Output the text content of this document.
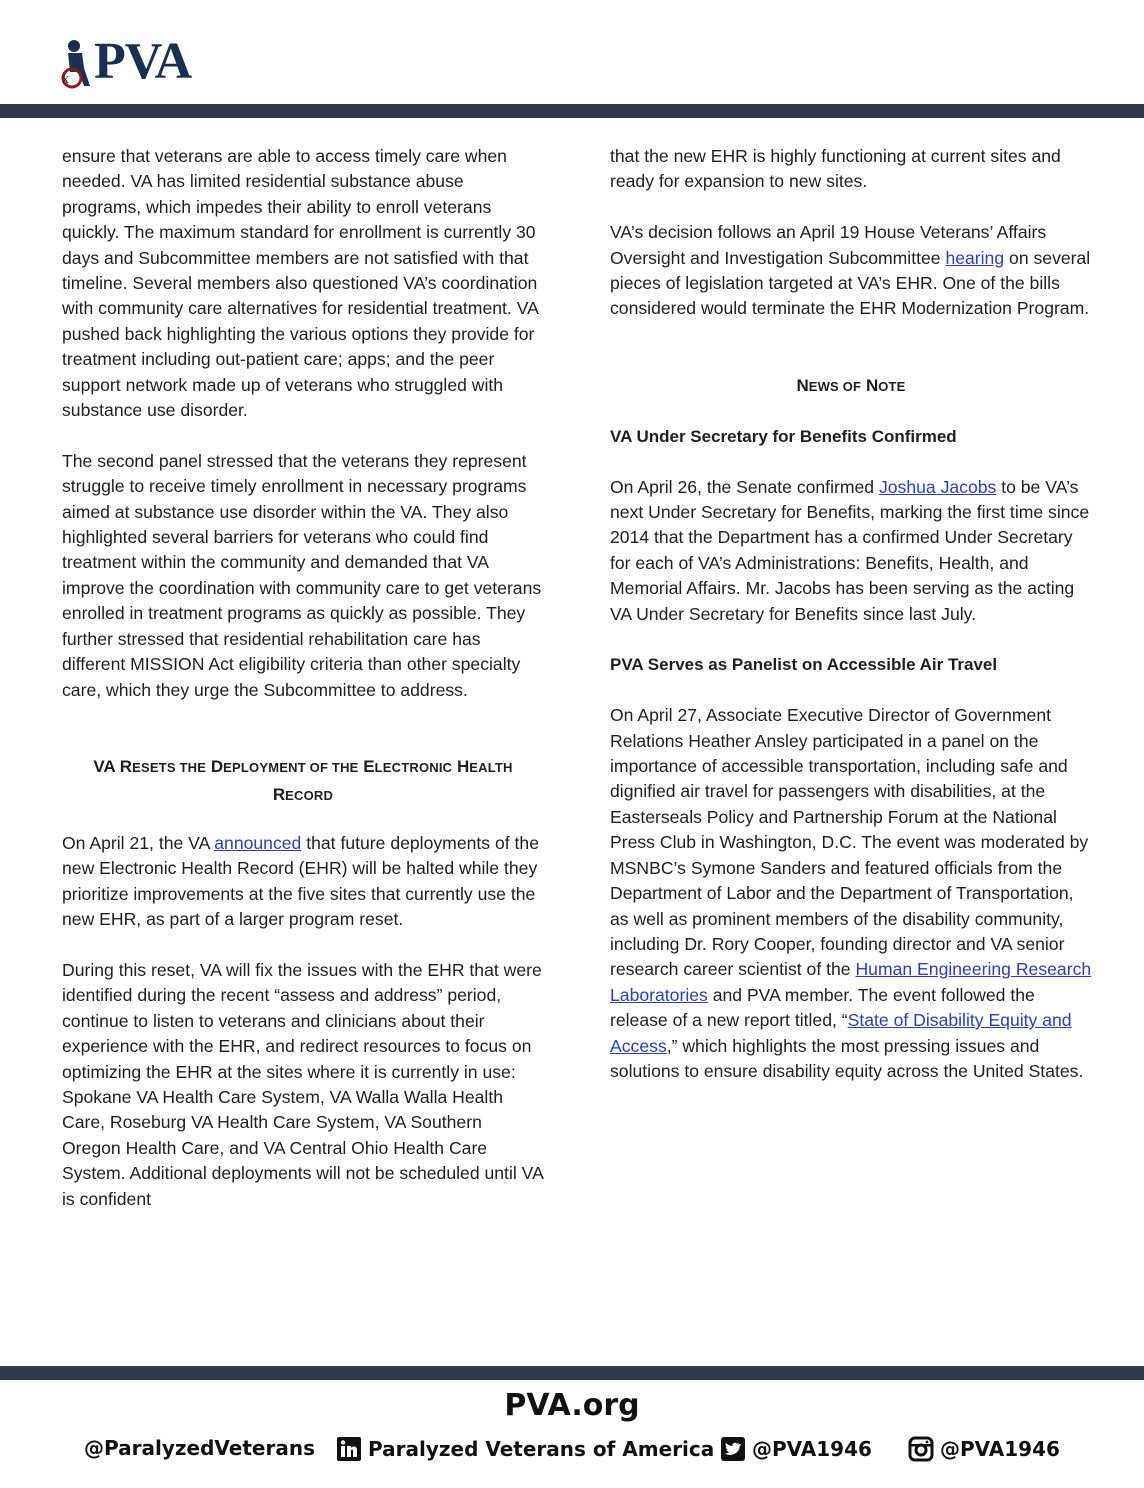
PVA
x

ensure that veterans are able to access timely care when needed. VA has limited residential substance abuse programs, which impedes their ability to enroll veterans quickly. The maximum standard for enrollment is currently 30 days and Subcommittee members are not satisfied with that timeline. Several members also questioned VA’s coordination with community care alternatives for residential treatment. VA pushed back highlighting the various options they provide for treatment including out-patient care; apps; and the peer support network made up of veterans who struggled with substance use disorder.

The second panel stressed that the veterans they represent struggle to receive timely enrollment in necessary programs aimed at substance use disorder within the VA. They also highlighted several barriers for veterans who could find treatment within the community and demanded that VA improve the coordination with community care to get veterans enrolled in treatment programs as quickly as possible. They further stressed that residential rehabilitation care has different MISSION Act eligibility criteria than other specialty care, which they urge the Subcommittee to address.

VA RESETS THE DEPLOYMENT OF THE ELECTRONIC HEALTH RECORD

On April 21, the VA announced that future deployments of the new Electronic Health Record (EHR) will be halted while they prioritize improvements at the five sites that currently use the new EHR, as part of a larger program reset.

During this reset, VA will fix the issues with the EHR that were identified during the recent “assess and address” period, continue to listen to veterans and clinicians about their experience with the EHR, and redirect resources to focus on optimizing the EHR at the sites where it is currently in use: Spokane VA Health Care System, VA Walla Walla Health Care, Roseburg VA Health Care System, VA Southern Oregon Health Care, and VA Central Ohio Health Care System. Additional deployments will not be scheduled until VA is confident

that the new EHR is highly functioning at current sites and ready for expansion to new sites.

VA’s decision follows an April 19 House Veterans’ Affairs Oversight and Investigation Subcommittee hearing on several pieces of legislation targeted at VA’s EHR. One of the bills considered would terminate the EHR Modernization Program.

NEWS OF NOTE
VA Under Secretary for Benefits Confirmed

On April 26, the Senate confirmed Joshua Jacobs to be VA’s next Under Secretary for Benefits, marking the first time since 2014 that the Department has a confirmed Under Secretary for each of VA’s Administrations: Benefits, Health, and Memorial Affairs. Mr. Jacobs has been serving as the acting VA Under Secretary for Benefits since last July.

PVA Serves as Panelist on Accessible Air Travel

On April 27, Associate Executive Director of Government Relations Heather Ansley participated in a panel on the importance of accessible transportation, including safe and dignified air travel for passengers with disabilities, at the Easterseals Policy and Partnership Forum at the National Press Club in Washington, D.C. The event was moderated by MSNBC’s Symone Sanders and featured officials from the Department of Labor and the Department of Transportation, as well as prominent members of the disability community, including Dr. Rory Cooper, founding director and VA senior research career scientist of the Human Engineering Research Laboratories and PVA member. The event followed the release of a new report titled, “State of Disability Equity and Access,” which highlights the most pressing issues and solutions to ensure disability equity across the United States.

PVA.org
@ParalyzedVeterans	Paralyzed Veterans of America @PVA1946	@PVA1946
